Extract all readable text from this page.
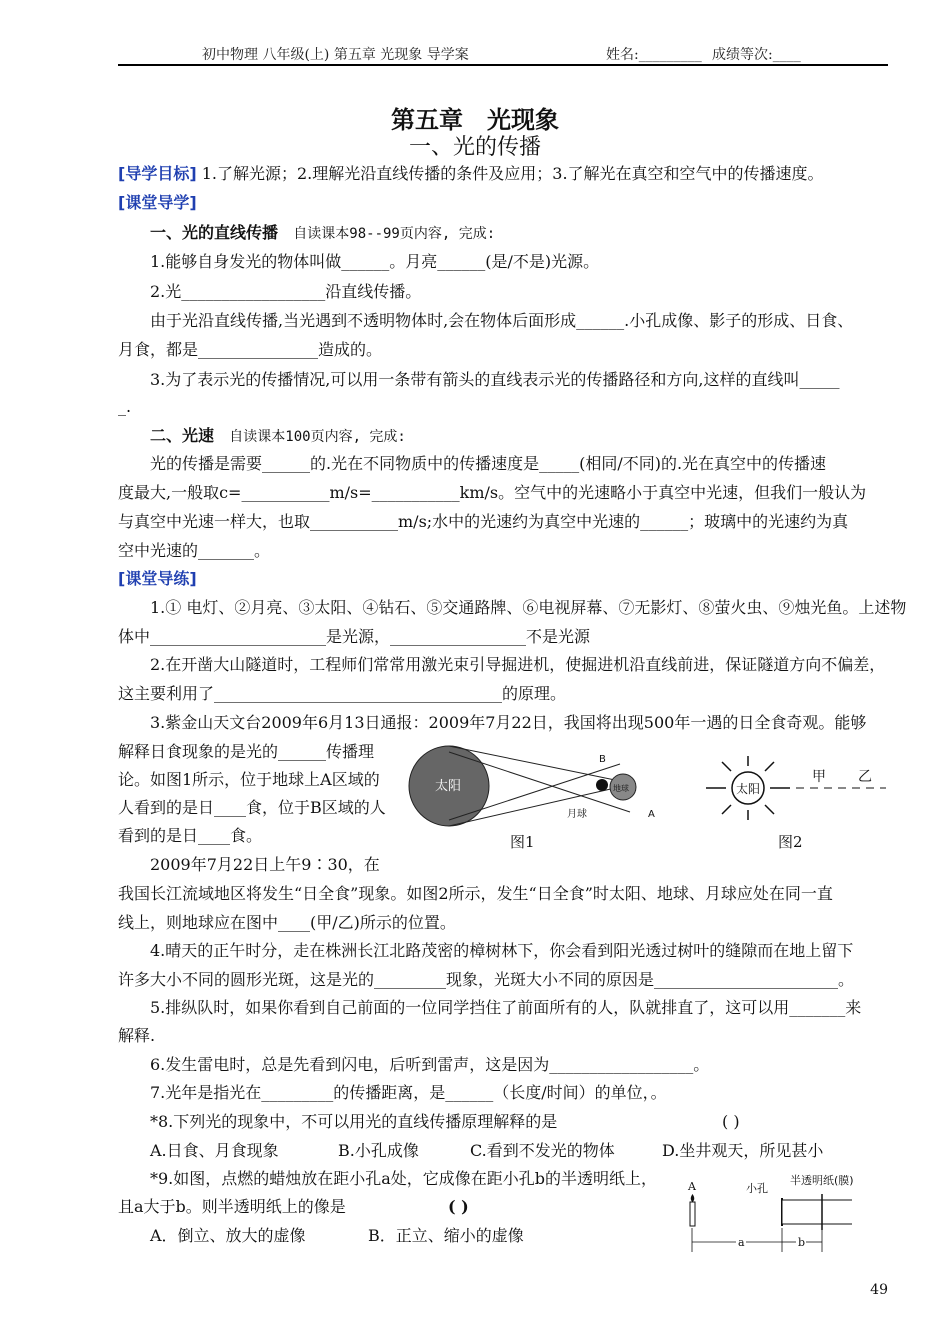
初中物理 八年级(上) 第五章 光现象 导学案	姓名:_________ 成绩等次:____
第五章　光现象
一、光的传播
[导学目标] 1.了解光源；2.理解光沿直线传播的条件及应用；3.了解光在真空和空气中的传播速度。
[课堂导学]
一、光的直线传播 自读课本98--99页内容, 完成:
1.能够自身发光的物体叫做______。月亮______(是/不是)光源。
2.光__________________沿直线传播。
由于光沿直线传播,当光遇到不透明物体时,会在物体后面形成______.小孔成像、影子的形成、日食、
月食，都是_______________造成的。
3.为了表示光的传播情况,可以用一条带有箭头的直线表示光的传播路径和方向,这样的直线叫_____
_.
二、光速 自读课本100页内容, 完成:
光的传播是需要______的.光在不同物质中的传播速度是_____(相同/不同)的.光在真空中的传播速
度最大,一般取c=___________m/s=___________km/s。空气中的光速略小于真空中光速，但我们一般认为
与真空中光速一样大，也取___________m/s;水中的光速约为真空中光速的______；玻璃中的光速约为真
空中光速的_______。
[课堂导练]
1.① 电灯、②月亮、③太阳、④钻石、⑤交通路牌、⑥电视屏幕、⑦无影灯、⑧萤火虫、⑨烛光鱼。上述物
体中______________________是光源，_________________不是光源
2.在开凿大山隧道时，工程师们常常用激光束引导掘进机，使掘进机沿直线前进，保证隧道方向不偏差，
这主要利用了____________________________________的原理。
3.紫金山天文台2009年6月13日通报：2009年7月22日，我国将出现500年一遇的日全食奇观。能够
解释日食现象的是光的______传播理
论。如图1所示，位于地球上A区域的
人看到的是日____食，位于B区域的人
看到的是日____食。
2009年7月22日上午9∶30，在
我国长江流域地区将发生“日全食”现象。如图2所示，发生“日全食”时太阳、地球、月球应处在同一直
线上，则地球应在图中____(甲/乙)所示的位置。
4.晴天的正午时分，走在株洲长江北路茂密的樟树林下，你会看到阳光透过树叶的缝隙而在地上留下
许多大小不同的圆形光斑，这是光的_________现象，光斑大小不同的原因是_______________________。
5.排纵队时，如果你看到自己前面的一位同学挡住了前面所有的人，队就排直了，这可以用_______来
解释.
6.发生雷电时，总是先看到闪电，后听到雷声，这是因为__________________。
7.光年是指光在_________的传播距离，是______（长度/时间）的单位，。
*8.下列光的现象中，不可以用光的直线传播原理解释的是	( )
A.日食、月食现象	B.小孔成像	C.看到不发光的物体	D.坐井观天，所见甚小
*9.如图，点燃的蜡烛放在距小孔a处，它成像在距小孔b的半透明纸上，
且a大于b。则半透明纸上的像是	( )
A．倒立、放大的虚像	B．正立、缩小的虚像
太阳	地球
月球
B
A
图1
太阳
甲 乙
图2
A	小孔
半透明纸(膜)
a	b
49
